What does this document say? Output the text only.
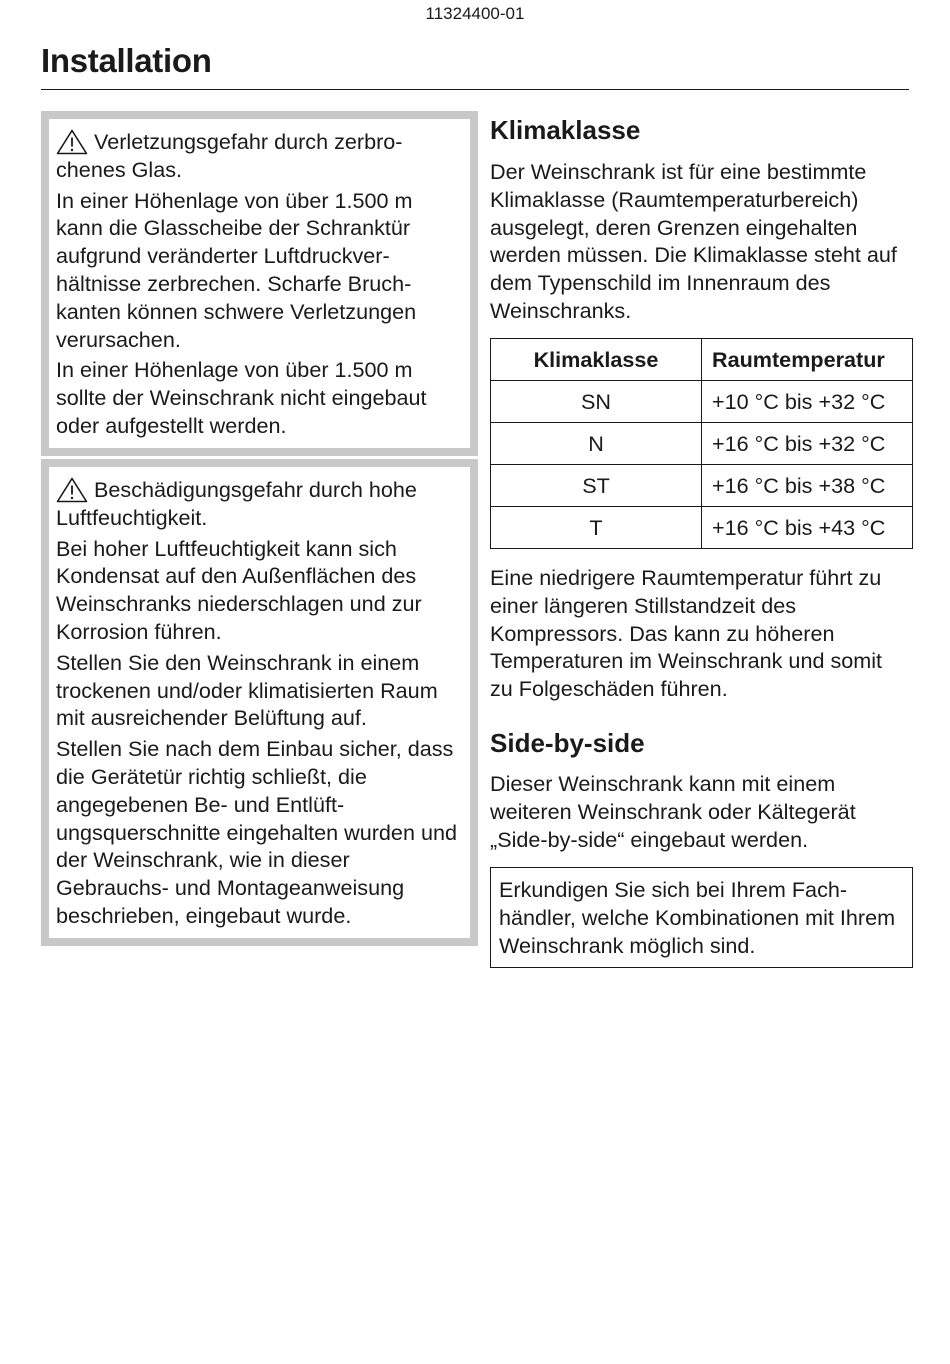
11324400-01
Installation

Verletzungsgefahr durch zerbrochenes Glas.

In einer Höhenlage von über 1.500 m kann die Glasscheibe der Schranktür aufgrund veränderter Luftdruckverhältnisse zerbrechen. Scharfe Bruchkanten können schwere Verletzungen verursachen.

In einer Höhenlage von über 1.500 m sollte der Weinschrank nicht eingebaut oder aufgestellt werden.

Beschädigungsgefahr durch hohe Luftfeuchtigkeit.

Bei hoher Luftfeuchtigkeit kann sich Kondensat auf den Außenflächen des Weinschranks niederschlagen und zur Korrosion führen.

Stellen Sie den Weinschrank in einem trockenen und/oder klimatisierten Raum mit ausreichender Belüftung auf.

Stellen Sie nach dem Einbau sicher, dass die Gerätetür richtig schließt, die angegebenen Be- und Entlüftungsquerschnitte eingehalten wurden und der Weinschrank, wie in dieser Gebrauchs- und Montageanweisung beschrieben, eingebaut wurde.

Klimaklasse

Der Weinschrank ist für eine bestimmte Klimaklasse (Raumtemperaturbereich) ausgelegt, deren Grenzen eingehalten werden müssen. Die Klimaklasse steht auf dem Typenschild im Innenraum des Weinschranks.

Klimaklasse	Raumtemperatur
SN	+10 °C bis +32 °C
N	+16 °C bis +32 °C
ST	+16 °C bis +38 °C
T	+16 °C bis +43 °C

Eine niedrigere Raumtemperatur führt zu einer längeren Stillstandzeit des Kompressors. Das kann zu höheren Temperaturen im Weinschrank und somit zu Folgeschäden führen.

Side-by-side

Dieser Weinschrank kann mit einem weiteren Weinschrank oder Kältegerät „Side-by-side“ eingebaut werden.

Erkundigen Sie sich bei Ihrem Fachhändler, welche Kombinationen mit Ihrem Weinschrank möglich sind.
